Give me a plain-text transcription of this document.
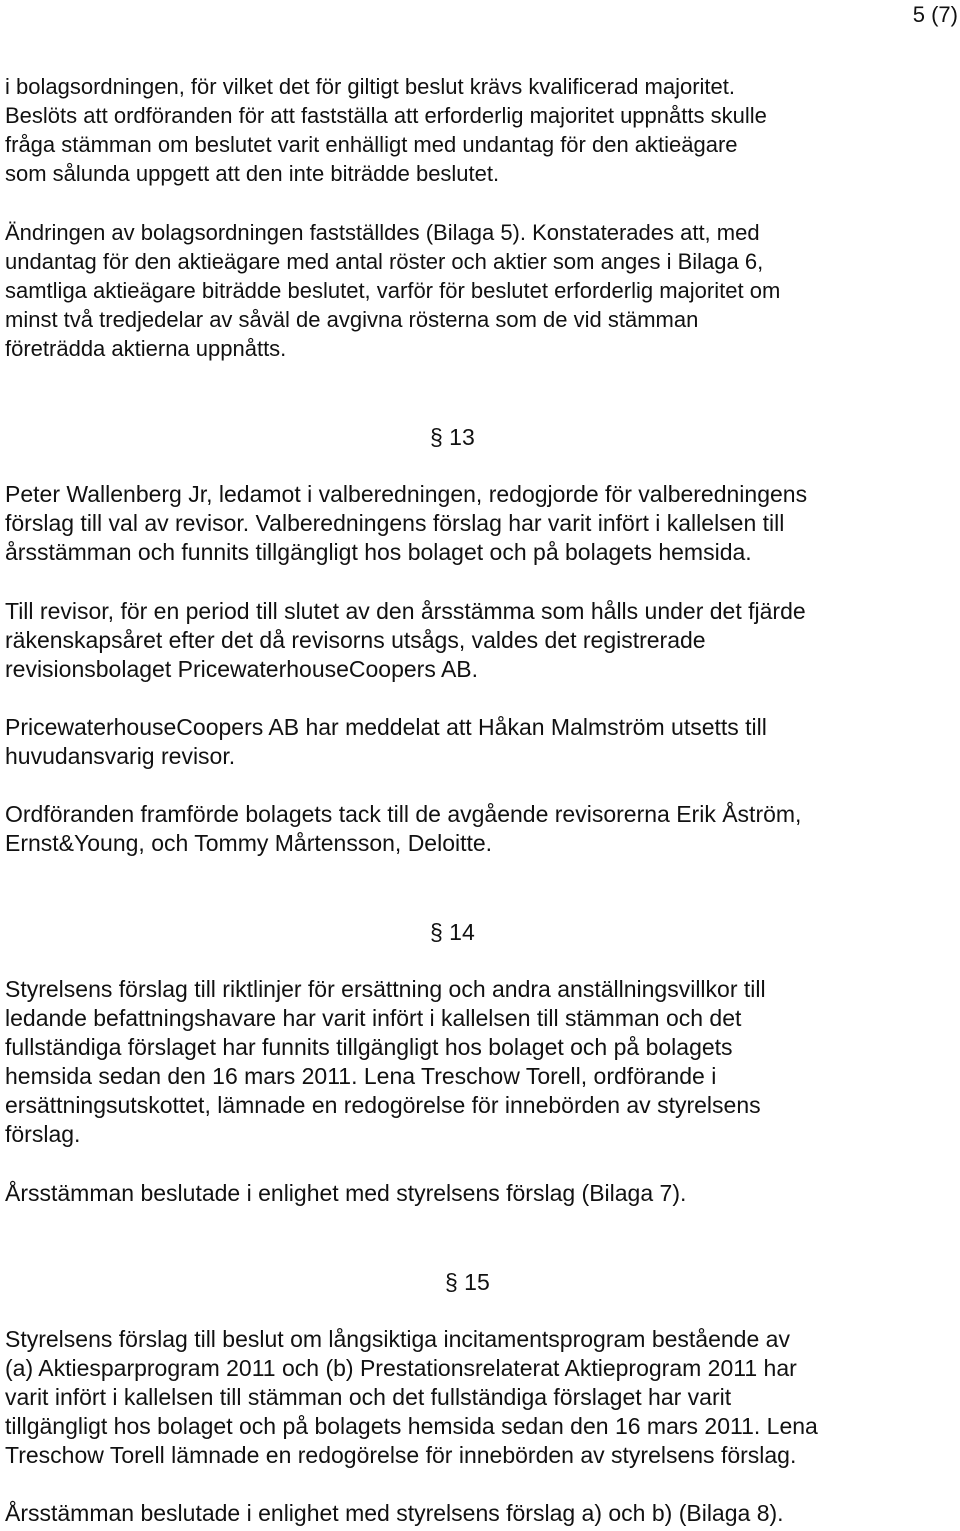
5 (7)

i bolagsordningen, för vilket det för giltigt beslut krävs kvalificerad majoritet.
Beslöts att ordföranden för att fastställa att erforderlig majoritet uppnåtts skulle
fråga stämman om beslutet varit enhälligt med undantag för den aktieägare
som sålunda uppgett att den inte biträdde beslutet.

Ändringen av bolagsordningen fastställdes (Bilaga 5). Konstaterades att, med
undantag för den aktieägare med antal röster och aktier som anges i Bilaga 6,
samtliga aktieägare biträdde beslutet, varför för beslutet erforderlig majoritet om
minst två tredjedelar av såväl de avgivna rösterna som de vid stämman
företrädda aktierna uppnåtts.

§ 13

Peter Wallenberg Jr, ledamot i valberedningen, redogjorde för valberedningens
förslag till val av revisor. Valberedningens förslag har varit infört i kallelsen till
årsstämman och funnits tillgängligt hos bolaget och på bolagets hemsida.

Till revisor, för en period till slutet av den årsstämma som hålls under det fjärde
räkenskapsåret efter det då revisorns utsågs, valdes det registrerade
revisionsbolaget PricewaterhouseCoopers AB.

PricewaterhouseCoopers AB har meddelat att Håkan Malmström utsetts till
huvudansvarig revisor.

Ordföranden framförde bolagets tack till de avgående revisorerna Erik Åström,
Ernst&Young, och Tommy Mårtensson, Deloitte.

§ 14

Styrelsens förslag till riktlinjer för ersättning och andra anställningsvillkor till
ledande befattningshavare har varit infört i kallelsen till stämman och det
fullständiga förslaget har funnits tillgängligt hos bolaget och på bolagets
hemsida sedan den 16 mars 2011. Lena Treschow Torell, ordförande i
ersättningsutskottet, lämnade en redogörelse för innebörden av styrelsens
förslag.

Årsstämman beslutade i enlighet med styrelsens förslag (Bilaga 7).

§ 15

Styrelsens förslag till beslut om långsiktiga incitamentsprogram bestående av
(a) Aktiesparprogram 2011 och (b) Prestationsrelaterat Aktieprogram 2011 har
varit infört i kallelsen till stämman och det fullständiga förslaget har varit
tillgängligt hos bolaget och på bolagets hemsida sedan den 16 mars 2011. Lena
Treschow Torell lämnade en redogörelse för innebörden av styrelsens förslag.

Årsstämman beslutade i enlighet med styrelsens förslag a) och b) (Bilaga 8).
